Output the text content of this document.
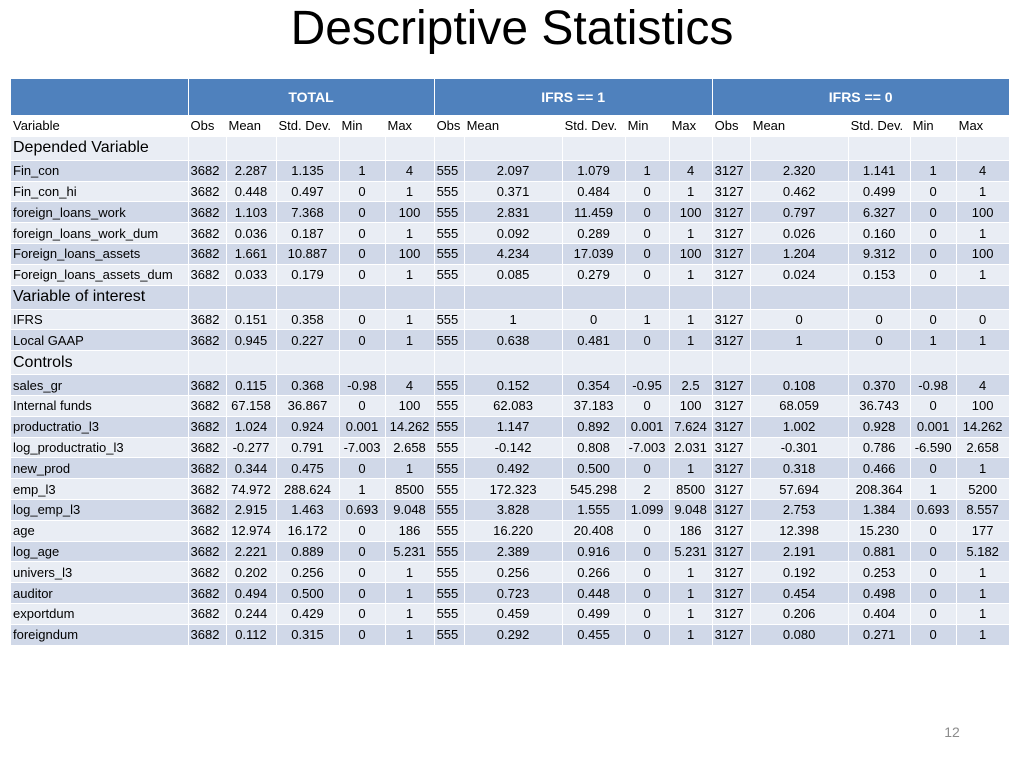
Descriptive Statistics
	TOTAL					IFRS == 1					IFRS == 0				
Variable	Obs	Mean	Std. Dev.	Min	Max	Obs	Mean	Std. Dev.	Min	Max	Obs	Mean	Std. Dev.	Min	Max
Depended Variable															
Fin_con	3682	2.287	1.135	1	4	555	2.097	1.079	1	4	3127	2.320	1.141	1	4
Fin_con_hi	3682	0.448	0.497	0	1	555	0.371	0.484	0	1	3127	0.462	0.499	0	1
foreign_loans_work	3682	1.103	7.368	0	100	555	2.831	11.459	0	100	3127	0.797	6.327	0	100
foreign_loans_work_dum	3682	0.036	0.187	0	1	555	0.092	0.289	0	1	3127	0.026	0.160	0	1
Foreign_loans_assets	3682	1.661	10.887	0	100	555	4.234	17.039	0	100	3127	1.204	9.312	0	100
Foreign_loans_assets_dum	3682	0.033	0.179	0	1	555	0.085	0.279	0	1	3127	0.024	0.153	0	1
Variable of interest															
IFRS	3682	0.151	0.358	0	1	555	1	0	1	1	3127	0	0	0	0
Local GAAP	3682	0.945	0.227	0	1	555	0.638	0.481	0	1	3127	1	0	1	1
Controls															
sales_gr	3682	0.115	0.368	-0.98	4	555	0.152	0.354	-0.95	2.5	3127	0.108	0.370	-0.98	4
Internal funds	3682	67.158	36.867	0	100	555	62.083	37.183	0	100	3127	68.059	36.743	0	100
productratio_l3	3682	1.024	0.924	0.001	14.262	555	1.147	0.892	0.001	7.624	3127	1.002	0.928	0.001	14.262
log_productratio_l3	3682	-0.277	0.791	-7.003	2.658	555	-0.142	0.808	-7.003	2.031	3127	-0.301	0.786	-6.590	2.658
new_prod	3682	0.344	0.475	0	1	555	0.492	0.500	0	1	3127	0.318	0.466	0	1
emp_l3	3682	74.972	288.624	1	8500	555	172.323	545.298	2	8500	3127	57.694	208.364	1	5200
log_emp_l3	3682	2.915	1.463	0.693	9.048	555	3.828	1.555	1.099	9.048	3127	2.753	1.384	0.693	8.557
age	3682	12.974	16.172	0	186	555	16.220	20.408	0	186	3127	12.398	15.230	0	177
log_age	3682	2.221	0.889	0	5.231	555	2.389	0.916	0	5.231	3127	2.191	0.881	0	5.182
univers_l3	3682	0.202	0.256	0	1	555	0.256	0.266	0	1	3127	0.192	0.253	0	1
auditor	3682	0.494	0.500	0	1	555	0.723	0.448	0	1	3127	0.454	0.498	0	1
exportdum	3682	0.244	0.429	0	1	555	0.459	0.499	0	1	3127	0.206	0.404	0	1
foreigndum	3682	0.112	0.315	0	1	555	0.292	0.455	0	1	3127	0.080	0.271	0	1
12
